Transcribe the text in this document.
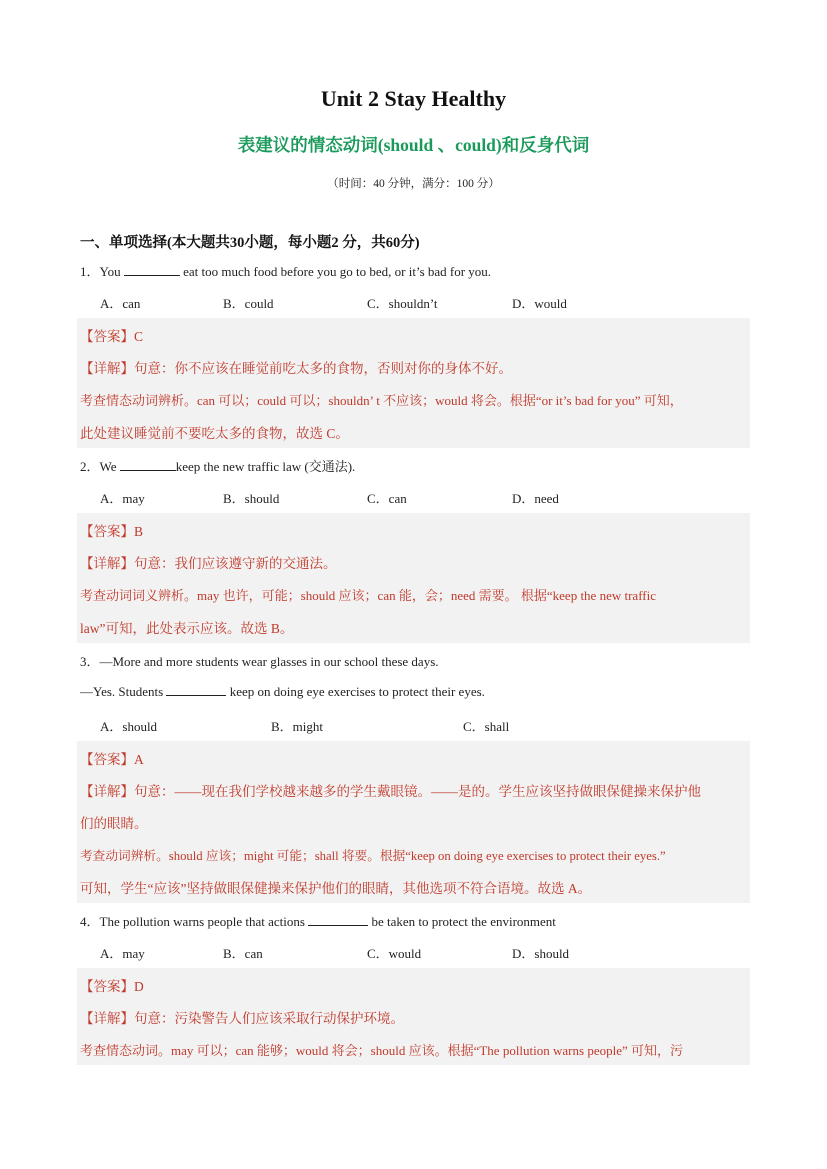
Unit 2 Stay Healthy
表建议的情态动词(should 、could)和反身代词
（时间：40 分钟，满分：100 分）
一、单项选择(本大题共30小题，每小题2 分，共60分)
1．You	eat too much food before you go to bed, or it’s bad for you.
A．can	B．could	C．shouldn’t	D．would
【答案】C
【详解】句意：你不应该在睡觉前吃太多的食物，否则对你的身体不好。
考查情态动词辨析。can 可以；could 可以；shouldn’ t 不应该；would 将会。根据“or it’s bad for you” 可知，
此处建议睡觉前不要吃太多的食物，故选 C。
2．We	keep the new traffic law (交通法).
A．may	B．should	C．can	D．need
【答案】B
【详解】句意：我们应该遵守新的交通法。
考查动词词义辨析。may 也许，可能；should 应该；can 能，会；need 需要。 根据“keep the new traffic
law”可知，此处表示应该。故选 B。
3．—More and more students wear glasses in our school these days.
—Yes. Students	keep on doing eye exercises to protect their eyes.
A．should	B．might	C．shall
【答案】A
【详解】句意：——现在我们学校越来越多的学生戴眼镜。——是的。学生应该坚持做眼保健操来保护他
们的眼睛。
考查动词辨析。should 应该；might 可能；shall 将要。根据“keep on doing eye exercises to protect their eyes.”
可知，学生“应该”坚持做眼保健操来保护他们的眼睛，其他选项不符合语境。故选 A。
4．The pollution warns people that actions	be taken to protect the environment
A．may	B．can	C．would	D．should
【答案】D
【详解】句意：污染警告人们应该采取行动保护环境。
考查情态动词。may 可以；can 能够；would 将会；should 应该。根据“The pollution warns people” 可知，污
